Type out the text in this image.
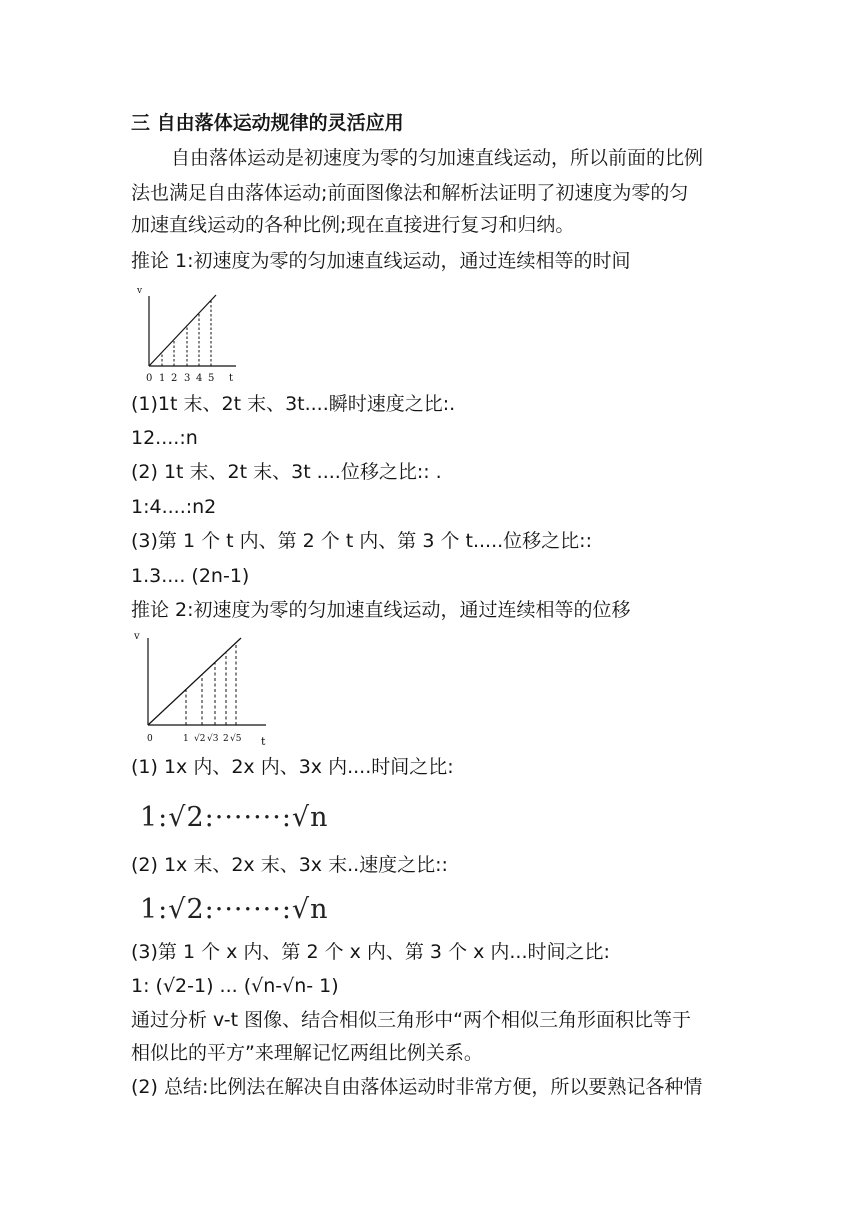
三 自由落体运动规律的灵活应用
自由落体运动是初速度为零的匀加速直线运动，所以前面的比例
法也满足自由落体运动;前面图像法和解析法证明了初速度为零的匀
加速直线运动的各种比例;现在直接进行复习和归纳。
推论 1:初速度为零的匀加速直线运动，通过连续相等的时间
v
0 1 2 3 4 5 t
(1)1t 末、2t 末、3t....瞬时速度之比:.
12....:n
(2) 1t 末、2t 末、3t ....位移之比:: .
1:4....:n2
(3)第 1 个 t 内、第 2 个 t 内、第 3 个 t.....位移之比::
1.3.... (2n-1)
推论 2:初速度为零的匀加速直线运动，通过连续相等的位移
v
0	1 √2 √3 2 √5 t
(1) 1x 内、2x 内、3x 内....时间之比:
1:√2:·······:√n
(2) 1x 末、2x 末、3x 末..速度之比::
1:√2:·······:√n
(3)第 1 个 x 内、第 2 个 x 内、第 3 个 x 内...时间之比:
1: (√2-1) ... (√n-√n- 1)
通过分析 v-t 图像、结合相似三角形中“两个相似三角形面积比等于
相似比的平方”来理解记忆两组比例关系。
(2) 总结:比例法在解决自由落体运动时非常方便，所以要熟记各种情
